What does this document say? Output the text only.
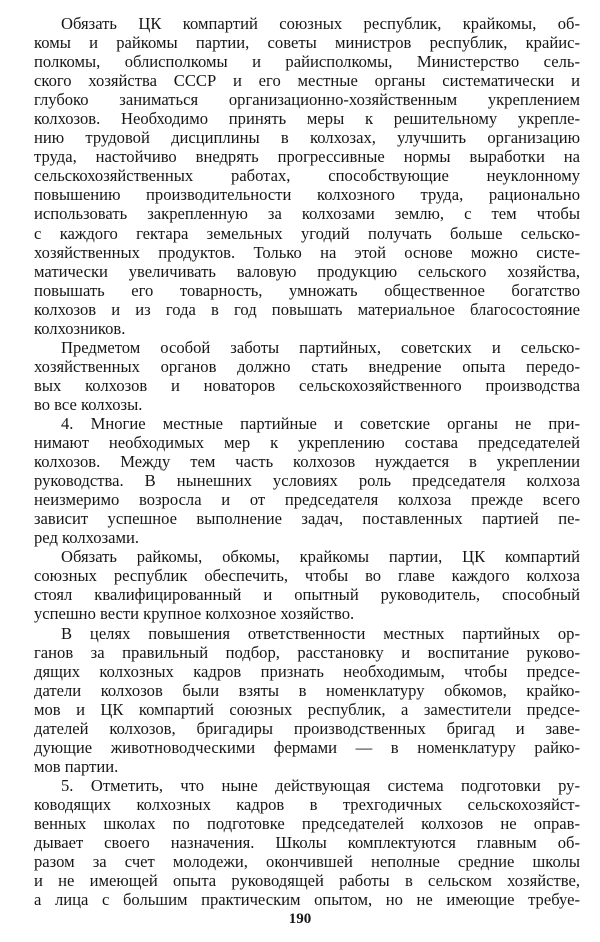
Обязать ЦК компартий союзных республик, крайкомы, об-
комы и райкомы партии, советы министров республик, крайис-
полкомы, облисполкомы и райисполкомы, Министерство сель-
ского хозяйства СССР и его местные органы систематически и
глубоко заниматься организационно-хозяйственным укреплением
колхозов. Необходимо принять меры к решительному укрепле-
нию трудовой дисциплины в колхозах, улучшить организацию
труда, настойчиво внедрять прогрессивные нормы выработки на
сельскохозяйственных работах, способствующие неуклонному
повышению производительности колхозного труда, рационально
использовать закрепленную за колхозами землю, с тем чтобы
с каждого гектара земельных угодий получать больше сельско-
хозяйственных продуктов. Только на этой основе можно систе-
матически увеличивать валовую продукцию сельского хозяйства,
повышать его товарность, умножать общественное богатство
колхозов и из года в год повышать материальное благосостояние
колхозников.
Предметом особой заботы партийных, советских и сельско-
хозяйственных органов должно стать внедрение опыта передо-
вых колхозов и новаторов сельскохозяйственного производства
во все колхозы.
4. Многие местные партийные и советские органы не при-
нимают необходимых мер к укреплению состава председателей
колхозов. Между тем часть колхозов нуждается в укреплении
руководства. В нынешних условиях роль председателя колхоза
неизмеримо возросла и от председателя колхоза прежде всего
зависит успешное выполнение задач, поставленных партией пе-
ред колхозами.
Обязать райкомы, обкомы, крайкомы партии, ЦК компартий
союзных республик обеспечить, чтобы во главе каждого колхоза
стоял квалифицированный и опытный руководитель, способный
успешно вести крупное колхозное хозяйство.
В целях повышения ответственности местных партийных ор-
ганов за правильный подбор, расстановку и воспитание руково-
дящих колхозных кадров признать необходимым, чтобы предсе-
датели колхозов были взяты в номенклатуру обкомов, крайко-
мов и ЦК компартий союзных республик, а заместители предсе-
дателей колхозов, бригадиры производственных бригад и заве-
дующие животноводческими фермами — в номенклатуру райко-
мов партии.
5. Отметить, что ныне действующая система подготовки ру-
ководящих колхозных кадров в трехгодичных сельскохозяйст-
венных школах по подготовке председателей колхозов не оправ-
дывает своего назначения. Школы комплектуются главным об-
разом за счет молодежи, окончившей неполные средние школы
и не имеющей опыта руководящей работы в сельском хозяйстве,
а лица с большим практическим опытом, но не имеющие требуе-
190
